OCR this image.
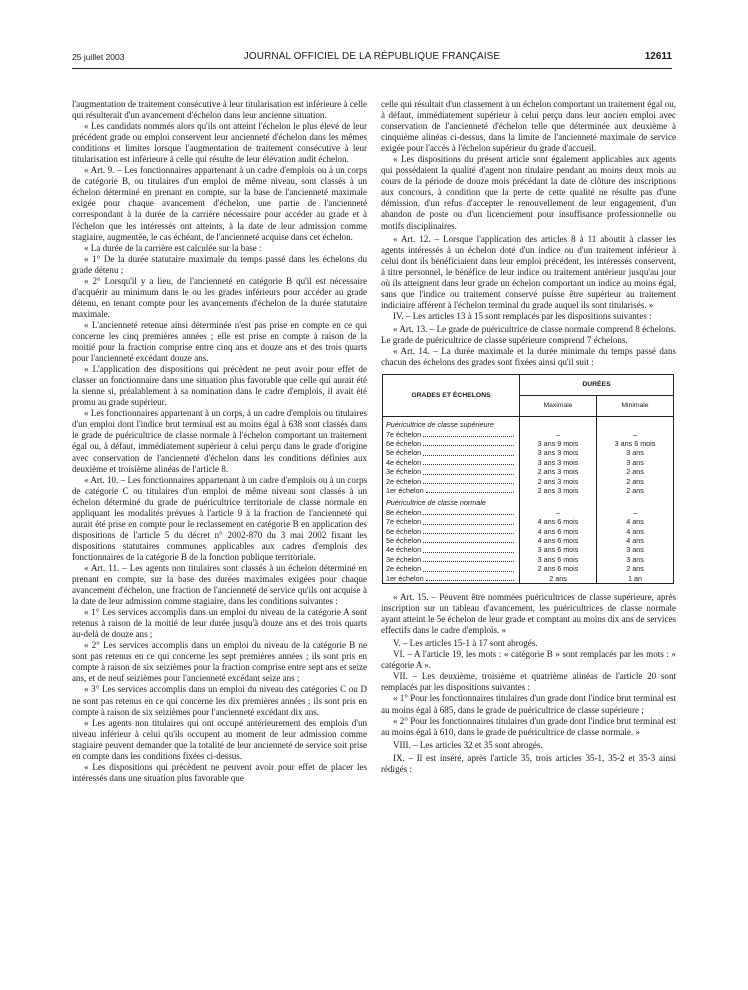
25 juillet 2003	JOURNAL OFFICIEL DE LA RÉPUBLIQUE FRANÇAISE	12611

l'augmentation de traitement consécutive à leur titularisation est inférieure à celle qui résulterait d'un avancement d'échelon dans leur ancienne situation.

« Les candidats nommés alors qu'ils ont atteint l'échelon le plus élevé de leur précédent grade ou emploi conservent leur ancienneté d'échelon dans les mêmes conditions et limites lorsque l'augmentation de traitement consécutive à leur titularisation est inférieure à celle qui résulte de leur élévation audit échelon.

« Art. 9. – Les fonctionnaires appartenant à un cadre d'emplois ou à un corps de catégorie B, ou titulaires d'un emploi de même niveau, sont classés à un échelon déterminé en prenant en compte, sur la base de l'ancienneté maximale exigée pour chaque avancement d'échelon, une partie de l'ancienneté correspondant à la durée de la carrière nécessaire pour accéder au grade et à l'échelon que les intéressés ont atteints, à la date de leur admission comme stagiaire, augmentée, le cas échéant, de l'ancienneté acquise dans cet échelon.

« La durée de la carrière est calculée sur la base :

« 1° De la durée statutaire maximale du temps passé dans les échelons du grade détenu ;

« 2° Lorsqu'il y a lieu, de l'ancienneté en catégorie B qu'il est nécessaire d'acquérir au minimum dans le ou les grades inférieurs pour accéder au grade détenu, en tenant compte pour les avancements d'échelon de la durée statutaire maximale.

« L'ancienneté retenue ainsi déterminée n'est pas prise en compte en ce qui concerne les cinq premières années ; elle est prise en compte à raison de la moitié pour la fraction comprise entre cinq ans et douze ans et des trois quarts pour l'ancienneté excédant douze ans.

« L'application des dispositions qui précèdent ne peut avoir pour effet de classer un fonctionnaire dans une situation plus favorable que celle qui aurait été la sienne si, préalablement à sa nomination dans le cadre d'emplois, il avait été promu au grade supérieur.

« Les fonctionnaires appartenant à un corps, à un cadre d'emplois ou titulaires d'un emploi dont l'indice brut terminal est au moins égal à 638 sont classés dans le grade de puéricultrice de classe normale à l'échelon comportant un traitement égal ou, à défaut, immédiatement supérieur à celui perçu dans le grade d'origine avec conservation de l'ancienneté d'échelon dans les conditions définies aux deuxième et troisième alinéas de l'article 8.

« Art. 10. – Les fonctionnaires appartenant à un cadre d'emplois ou à un corps de catégorie C ou titulaires d'un emploi de même niveau sont classés à un échelon déterminé du grade de puéricultrice territoriale de classe normale en appliquant les modalités prévues à l'article 9 à la fraction de l'ancienneté qui aurait été prise en compte pour le reclassement en catégorie B en application des dispositions de l'article 5 du décret n° 2002-870 du 3 mai 2002 fixant les dispositions statutaires communes applicables aux cadres d'emplois des fonctionnaires de la catégorie B de la fonction publique territoriale.

« Art. 11. – Les agents non titulaires sont classés à un échelon déterminé en prenant en compte, sur la base des durées maximales exigées pour chaque avancement d'échelon, une fraction de l'ancienneté de service qu'ils ont acquise à la date de leur admission comme stagiaire, dans les conditions suivantes :

« 1° Les services accomplis dans un emploi du niveau de la catégorie A sont retenus à raison de la moitié de leur durée jusqu'à douze ans et des trois quarts au-delà de douze ans ;

« 2° Les services accomplis dans un emploi du niveau de la catégorie B ne sont pas retenus en ce qui concerne les sept premières années ; ils sont pris en compte à raison de six seizièmes pour la fraction comprise entre sept ans et seize ans, et de neuf seizièmes pour l'ancienneté excédant seize ans ;

« 3° Les services accomplis dans un emploi du niveau des catégories C ou D ne sont pas retenus en ce qui concerne les dix premières années ; ils sont pris en compte à raison de six seizièmes pour l'ancienneté excédant dix ans.

« Les agents non titulaires qui ont occupé antérieurement des emplois d'un niveau inférieur à celui qu'ils occupent au moment de leur admission comme stagiaire peuvent demander que la totalité de leur ancienneté de service soit prise en compte dans les conditions fixées ci-dessus.

« Les dispositions qui précèdent ne peuvent avoir pour effet de placer les intéressés dans une situation plus favorable que

celle qui résultait d'un classement à un échelon comportant un traitement égal ou, à défaut, immédiatement supérieur à celui perçu dans leur ancien emploi avec conservation de l'ancienneté d'échelon telle que déterminée aux deuxième à cinquième alinéas ci-dessus, dans la limite de l'ancienneté maximale de service exigée pour l'accès à l'échelon supérieur du grade d'accueil.

« Les dispositions du présent article sont également applicables aux agents qui possédaient la qualité d'agent non titulaire pendant au moins deux mois au cours de la période de douze mois précédant la date de clôture des inscriptions aux concours, à condition que la perte de cette qualité ne résulte pas d'une démission, d'un refus d'accepter le renouvellement de leur engagement, d'un abandon de poste ou d'un licenciement pour insuffisance professionnelle ou motifs disciplinaires.

« Art. 12. – Lorsque l'application des articles 8 à 11 aboutit à classer les agents intéressés à un échelon doté d'un indice ou d'un traitement inférieur à celui dont ils bénéficiaient dans leur emploi précédent, les intéressés conservent, à titre personnel, le bénéfice de leur indice ou traitement antérieur jusqu'au jour où ils atteignent dans leur grade un échelon comportant un indice au moins égal, sans que l'indice ou traitement conservé puisse être supérieur au traitement indiciaire afférent à l'échelon terminal du grade auquel ils sont titularisés. »

IV. – Les articles 13 à 15 sont remplacés par les dispositions suivantes :

« Art. 13. – Le grade de puéricultrice de classe normale comprend 8 échelons. Le grade de puéricultrice de classe supérieure comprend 7 échelons.

« Art. 14. – La durée maximale et la durée minimale du temps passé dans chacun des échelons des grades sont fixées ainsi qu'il suit :

GRADES ET ÉCHELONS	DURÉES	
	Maximale	Minimale
Puéricultrice de classe supérieure		

7e échelon	–	–

6e échelon	3 ans 9 mois	3 ans 6 mois

5e échelon	3 ans 3 mois	3 ans

4e échelon	3 ans 3 mois	3 ans

3e échelon	2 ans 3 mois	2 ans

2e échelon	2 ans 3 mois	2 ans

1er échelon	2 ans 3 mois	2 ans
Puéricultrice de classe normale		

8e échelon	–	–

7e échelon	4 ans 6 mois	4 ans

6e échelon	4 ans 6 mois	4 ans

5e échelon	4 ans 6 mois	4 ans

4e échelon	3 ans 6 mois	3 ans

3e échelon	3 ans 6 mois	3 ans

2e échelon	2 ans 6 mois	2 ans

1er échelon	2 ans	1 an

« Art. 15. – Peuvent être nommées puéricultrices de classe supérieure, après inscription sur un tableau d'avancement, les puéricultrices de classe normale ayant atteint le 5e échelon de leur grade et comptant au moins dix ans de services effectifs dans le cadre d'emplois. »

V. – Les articles 15-1 à 17 sont abrogés.

VI. – A l'article 19, les mots : « catégorie B » sont remplacés par les mots : « catégorie A ».

VII. – Les deuxième, troisième et quatrième alinéas de l'article 20 sont remplacés par les dispositions suivantes :

« 1° Pour les fonctionnaires titulaires d'un grade dont l'indice brut terminal est au moins égal à 685, dans le grade de puéricultrice de classe supérieure ;

« 2° Pour les fonctionnaires titulaires d'un grade dont l'indice brut terminal est au moins égal à 610, dans le grade de puéricultrice de classe normale. »

VIII. – Les articles 32 et 35 sont abrogés.

IX. – Il est inséré, après l'article 35, trois articles 35-1, 35-2 et 35-3 ainsi rédigés :
